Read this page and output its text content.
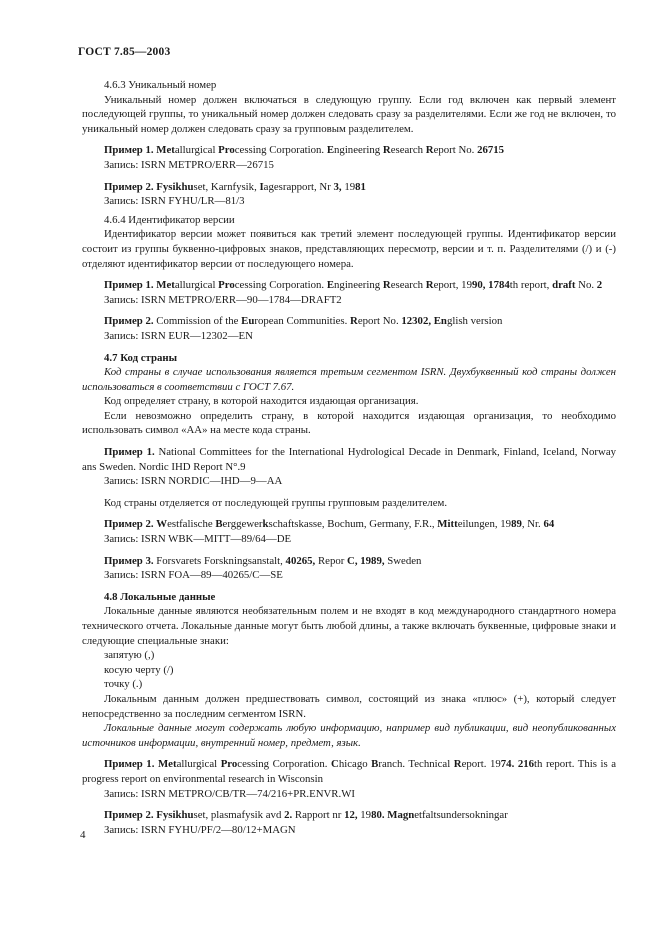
ГОСТ 7.85—2003

4.6.3 Уникальный номер

Уникальный номер должен включаться в следующую группу. Если год включен как первый элемент последующей группы, то уникальный номер должен следовать сразу за разделителями. Если же год не включен, то уникальный номер должен следовать сразу за групповым разделителем.

Пример 1. Metallurgical Processing Corporation. Engineering Research Report No. 26715

Запись: ISRN METPRO/ERR—26715

Пример 2. Fysikhuset, Karnfysik, Iagesrapport, Nr 3, 1981

Запись: ISRN FYHU/LR—81/3

4.6.4 Идентификатор версии

Идентификатор версии может появиться как третий элемент последующей группы. Идентификатор версии состоит из группы буквенно-цифровых знаков, представляющих пересмотр, версии и т. п. Разделителями (/) и (-) отделяют идентификатор версии от последующего номера.

Пример 1. Metallurgical Processing Corporation. Engineering Research Report, 1990, 1784th report, draft No. 2

Запись: ISRN METPRO/ERR—90—1784—DRAFT2

Пример 2. Commission of the European Communities. Report No. 12302, English version

Запись: ISRN EUR—12302—EN

4.7 Код страны

Код страны в случае использования является третьим сегментом ISRN. Двухбуквенный код страны должен использоваться в соответствии с ГОСТ 7.67.

Код определяет страну, в которой находится издающая организация.

Если невозможно определить страну, в которой находится издающая организация, то необходимо использовать символ «АА» на месте кода страны.

Пример 1. National Committees for the International Hydrological Decade in Denmark, Finland, Iceland, Norway ans Sweden. Nordic IHD Report N°.9

Запись: ISRN NORDIC—IHD—9—AA

Код страны отделяется от последующей группы групповым разделителем.

Пример 2. Westfalische Berggewerkschaftskasse, Bochum, Germany, F.R., Mitteilungen, 1989, Nr. 64

Запись: ISRN WBK—MITT—89/64—DE

Пример 3. Forsvarets Forskningsanstalt, 40265, Repor C, 1989, Sweden

Запись: ISRN FOA—89—40265/C—SE

4.8 Локальные данные

Локальные данные являются необязательным полем и не входят в код международного стандартного номера технического отчета. Локальные данные могут быть любой длины, а также включать буквенные, цифровые знаки и следующие специальные знаки:

запятую (,)

косую черту (/)

точку (.)

Локальным данным должен предшествовать символ, состоящий из знака «плюс» (+), который следует непосредственно за последним сегментом ISRN.

Локальные данные могут содержать любую информацию, например вид публикации, вид неопубликованных источников информации, внутренний номер, предмет, язык.

Пример 1. Metallurgical Processing Corporation. Chicago Branch. Technical Report. 1974. 216th report. This is a progress report on environmental research in Wisconsin

Запись: ISRN METPRO/CB/TR—74/216+PR.ENVR.WI

Пример 2. Fysikhuset, plasmafysik avd 2. Rapport nr 12, 1980. Magnetfaltsundersokningar

Запись: ISRN FYHU/PF/2—80/12+MAGN

4
